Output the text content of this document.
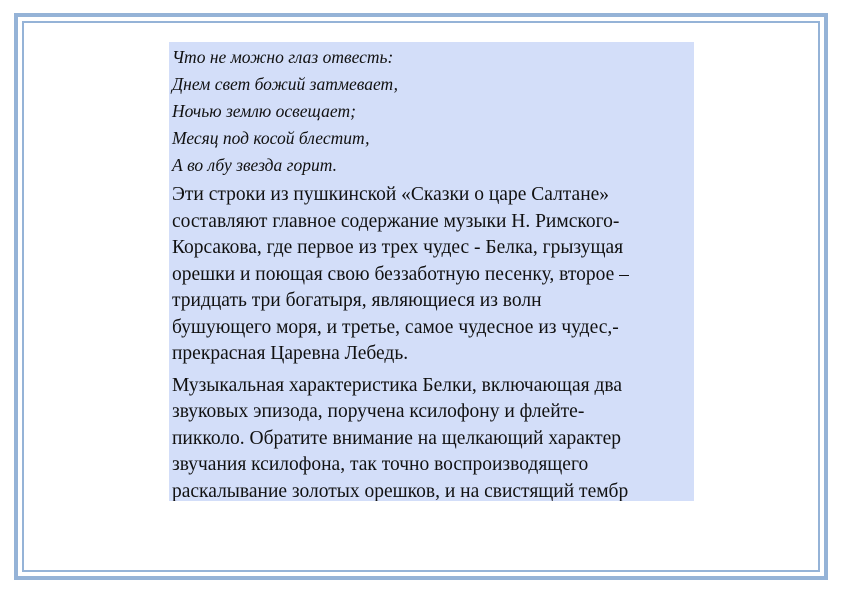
Что не можно глаз отвесть:
Днем свет божий затмевает,
Ночью землю освещает;
Месяц под косой блестит,
А во лбу звезда горит.

Эти строки из пушкинской «Сказки о царе Салтане»
составляют главное содержание музыки Н. Римского-
Корсакова, где первое из трех чудес - Белка, грызущая
орешки и поющая свою беззаботную песенку, второе –
тридцать три богатыря, являющиеся из волн
бушующего моря, и третье, самое чудесное из чудес,-
прекрасная Царевна Лебедь.

Музыкальная характеристика Белки, включающая два
звуковых эпизода, поручена ксилофону и флейте-
пикколо. Обратите внимание на щелкающий характер
звучания ксилофона, так точно воспроизводящего
раскалывание золотых орешков, и на свистящий тембр
